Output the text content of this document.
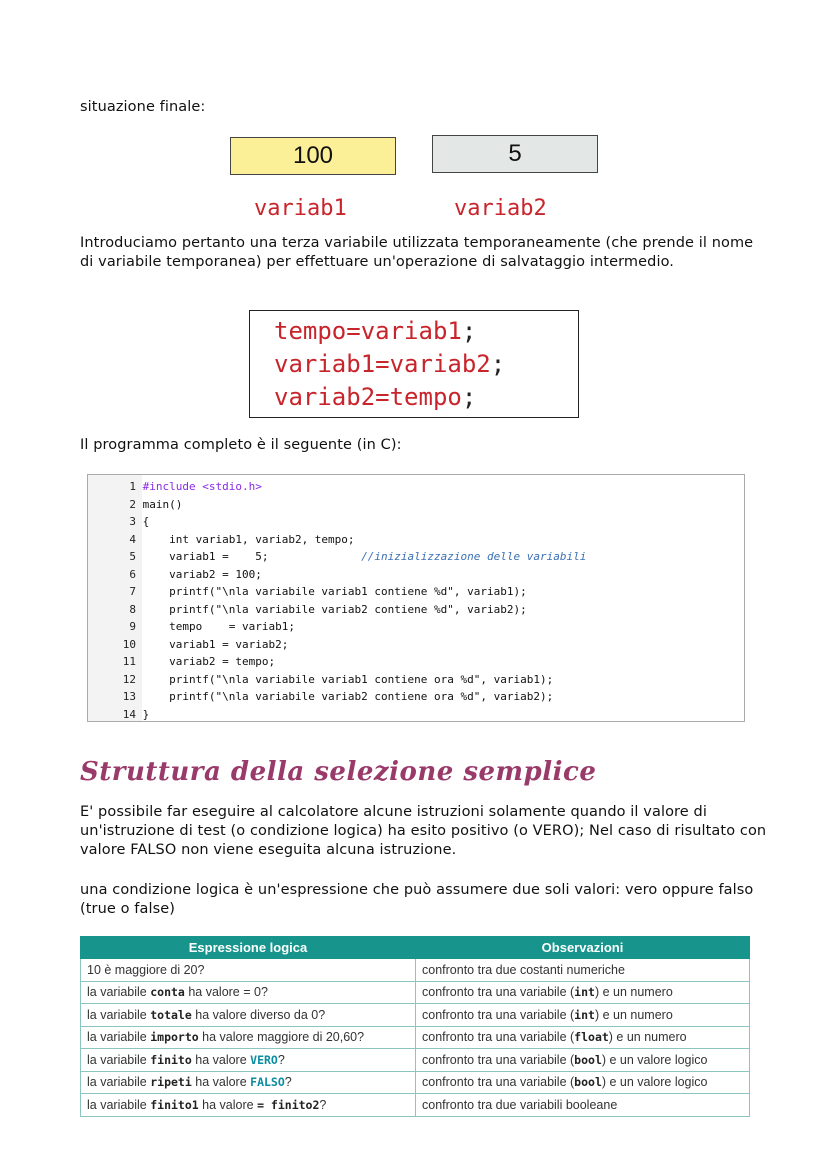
situazione finale:
100	5
variab1	variab2
Introduciamo pertanto una terza variabile utilizzata temporaneamente (che prende il nome di variabile temporanea) per effettuare un'operazione di salvataggio intermedio.
tempo=variab1;
variab1=variab2;
variab2=tempo;
Il programma completo è il seguente (in C):
1 #include <stdio.h>
2 main()
3 {
4     int variab1, variab2, tempo;
5     variab1 =    5;	//inizializzazione delle variabili
6     variab2 = 100;
7     printf("\nla variabile variab1 contiene %d", variab1);
8     printf("\nla variabile variab2 contiene %d", variab2);
9     tempo    = variab1;
10     variab1 = variab2;
11     variab2 = tempo;
12     printf("\nla variabile variab1 contiene ora %d", variab1);
13     printf("\nla variabile variab2 contiene ora %d", variab2);
14 }
Struttura della selezione semplice
E' possibile far eseguire al calcolatore alcune istruzioni solamente quando il valore di un'istruzione di test (o condizione logica) ha esito positivo (o VERO); Nel caso di risultato con valore FALSO non viene eseguita alcuna istruzione.
una condizione logica è un'espressione che può assumere due soli valori: vero oppure falso (true o false)
Espressione logica	Observazioni
10 è maggiore di 20?	confronto tra due costanti numeriche
la variabile conta ha valore = 0?	confronto tra una variabile (int) e un numero
la variabile totale ha valore diverso da 0?	confronto tra una variabile (int) e un numero
la variabile importo ha valore maggiore di 20,60?	confronto tra una variabile (float) e un numero
la variabile finito ha valore VERO?	confronto tra una variabile (bool) e un valore logico
la variabile ripeti ha valore FALSO?	confronto tra una variabile (bool) e un valore logico
la variabile finito1 ha valore = finito2?	confronto tra due variabili booleane
